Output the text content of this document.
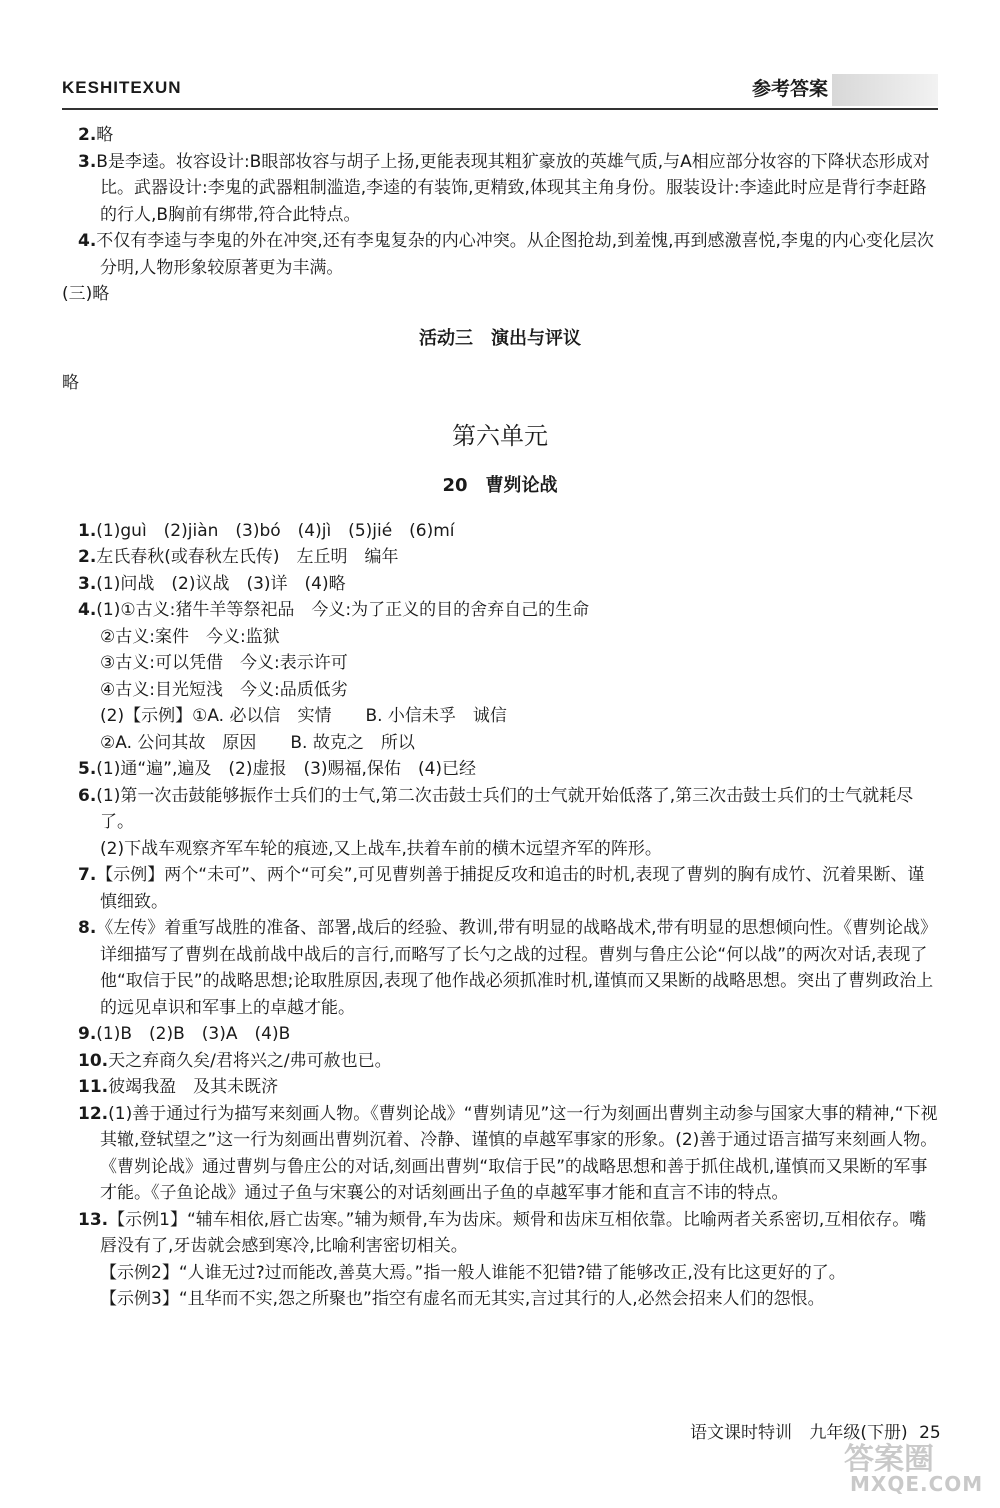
KESHITEXUN	参考答案

2.略

3.B是李逵。妆容设计:B眼部妆容与胡子上扬,更能表现其粗犷豪放的英雄气质,与A相应部分妆容的下降状态形成对比。武器设计:李鬼的武器粗制滥造,李逵的有装饰,更精致,体现其主角身份。服装设计:李逵此时应是背行李赶路的行人,B胸前有绑带,符合此特点。

4.不仅有李逵与李鬼的外在冲突,还有李鬼复杂的内心冲突。从企图抢劫,到羞愧,再到感激喜悦,李鬼的内心变化层次分明,人物形象较原著更为丰满。

(三)略

活动三　演出与评议

略

第六单元
20　曹刿论战

1.(1)guì　(2)jiàn　(3)bó　(4)jì　(5)jié　(6)mí

2.左氏春秋(或春秋左氏传)　左丘明　编年

3.(1)问战　(2)议战　(3)详　(4)略

4.(1)①古义:猪牛羊等祭祀品　今义:为了正义的目的舍弃自己的生命

②古义:案件　今义:监狱

③古义:可以凭借　今义:表示许可

④古义:目光短浅　今义:品质低劣

(2)【示例】①A. 必以信　实情　　B. 小信未孚　诚信

②A. 公问其故　原因　　B. 故克之　所以

5.(1)通“遍”,遍及　(2)虚报　(3)赐福,保佑　(4)已经

6.(1)第一次击鼓能够振作士兵们的士气,第二次击鼓士兵们的士气就开始低落了,第三次击鼓士兵们的士气就耗尽了。

(2)下战车观察齐军车轮的痕迹,又上战车,扶着车前的横木远望齐军的阵形。

7.【示例】两个“未可”、两个“可矣”,可见曹刿善于捕捉反攻和追击的时机,表现了曹刿的胸有成竹、沉着果断、谨慎细致。

8.《左传》着重写战胜的准备、部署,战后的经验、教训,带有明显的战略战术,带有明显的思想倾向性。《曹刿论战》详细描写了曹刿在战前战中战后的言行,而略写了长勺之战的过程。曹刿与鲁庄公论“何以战”的两次对话,表现了他“取信于民”的战略思想;论取胜原因,表现了他作战必须抓准时机,谨慎而又果断的战略思想。突出了曹刿政治上的远见卓识和军事上的卓越才能。

9.(1)B　(2)B　(3)A　(4)B

10.天之弃商久矣/君将兴之/弗可赦也已。

11.彼竭我盈　及其未既济

12.(1)善于通过行为描写来刻画人物。《曹刿论战》“曹刿请见”这一行为刻画出曹刿主动参与国家大事的精神,“下视其辙,登轼望之”这一行为刻画出曹刿沉着、冷静、谨慎的卓越军事家的形象。(2)善于通过语言描写来刻画人物。《曹刿论战》通过曹刿与鲁庄公的对话,刻画出曹刿“取信于民”的战略思想和善于抓住战机,谨慎而又果断的军事才能。《子鱼论战》通过子鱼与宋襄公的对话刻画出子鱼的卓越军事才能和直言不讳的特点。

13.【示例1】“辅车相依,唇亡齿寒。”辅为颊骨,车为齿床。颊骨和齿床互相依靠。比喻两者关系密切,互相依存。嘴唇没有了,牙齿就会感到寒冷,比喻利害密切相关。

【示例2】“人谁无过?过而能改,善莫大焉。”指一般人谁能不犯错?错了能够改正,没有比这更好的了。

【示例3】“且华而不实,怨之所聚也”指空有虚名而无其实,言过其行的人,必然会招来人们的怨恨。

语文课时特训 九年级(下册) 25
答案圈
MXQE.COM
